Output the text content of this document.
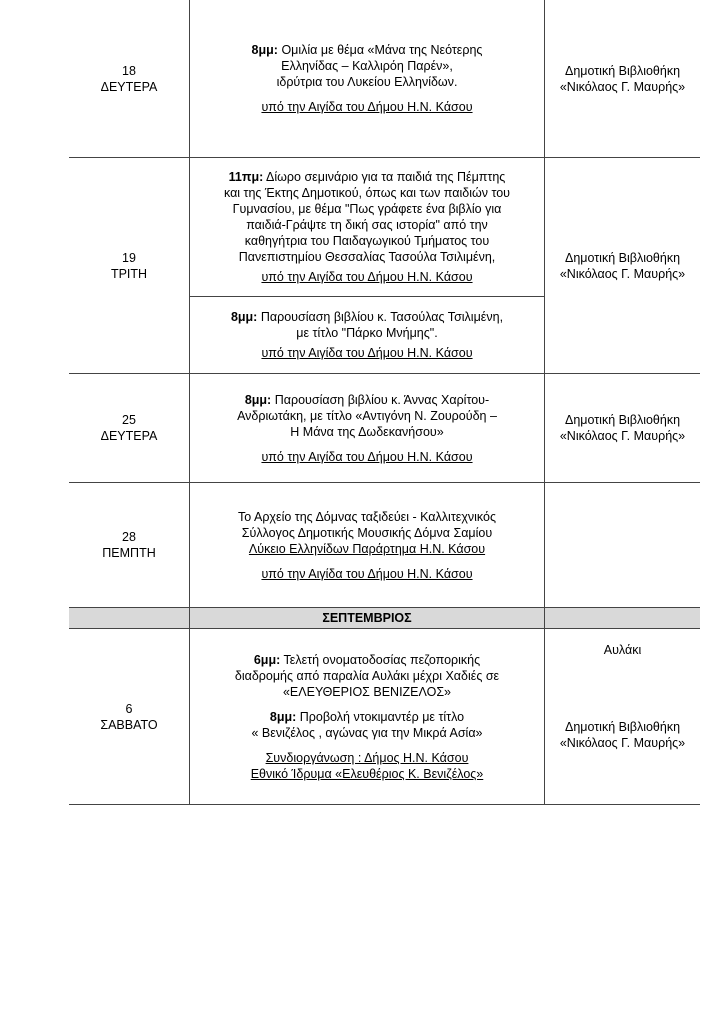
18
ΔΕΥΤΕΡΑ
8μμ: Ομιλία με θέμα «Μάνα της Νεότερης
Ελληνίδας – Καλλιρόη Παρέν»,
ιδρύτρια του Λυκείου Ελληνίδων.
υπό την Αιγίδα του Δήμου Η.Ν. Κάσου
Δημοτική Βιβλιοθήκη
«Νικόλαος Γ. Μαυρής»
19
ΤΡΙΤΗ
11πμ: Δίωρο σεμινάριο για τα παιδιά της Πέμπτης
και της Έκτης Δημοτικού, όπως και των παιδιών του
Γυμνασίου, με θέμα "Πως γράφετε ένα βιβλίο για
παιδιά-Γράψτε τη δική σας ιστορία" από την
καθηγήτρια του Παιδαγωγικού Τμήματος του
Πανεπιστημίου Θεσσαλίας Τασούλα Τσιλιμένη,
υπό την Αιγίδα του Δήμου Η.Ν. Κάσου
8μμ: Παρουσίαση βιβλίου κ. Τασούλας Τσιλιμένη,
με τίτλο "Πάρκο Μνήμης".
υπό την Αιγίδα του Δήμου Η.Ν. Κάσου
Δημοτική Βιβλιοθήκη
«Νικόλαος Γ. Μαυρής»
25
ΔΕΥΤΕΡΑ
8μμ: Παρουσίαση βιβλίου κ. Άννας Χαρίτου-
Ανδριωτάκη, με τίτλο «Αντιγόνη Ν. Ζουρούδη –
Η Μάνα της Δωδεκανήσου»
υπό την Αιγίδα του Δήμου Η.Ν. Κάσου
Δημοτική Βιβλιοθήκη
«Νικόλαος Γ. Μαυρής»
28
ΠΕΜΠΤΗ
Το Αρχείο της Δόμνας ταξιδεύει - Καλλιτεχνικός
Σύλλογος Δημοτικής Μουσικής Δόμνα Σαμίου
Λύκειο Ελληνίδων Παράρτημα Η.Ν. Κάσου
υπό την Αιγίδα του Δήμου Η.Ν. Κάσου
ΣΕΠΤΕΜΒΡΙΟΣ
6
ΣΑΒΒΑΤΟ
6μμ: Τελετή ονοματοδοσίας πεζοπορικής
διαδρομής από παραλία Αυλάκι μέχρι Χαδιές σε
«ΕΛΕΥΘΕΡΙΟΣ ΒΕΝΙΖΕΛΟΣ»
8μμ: Προβολή ντοκιμαντέρ με τίτλο
« Βενιζέλος , αγώνας για την Μικρά Ασία»
Συνδιοργάνωση : Δήμος Η.Ν. Κάσου
Εθνικό Ίδρυμα «Ελευθέριος Κ. Βενιζέλος»
Αυλάκι
Δημοτική Βιβλιοθήκη
«Νικόλαος Γ. Μαυρής»
